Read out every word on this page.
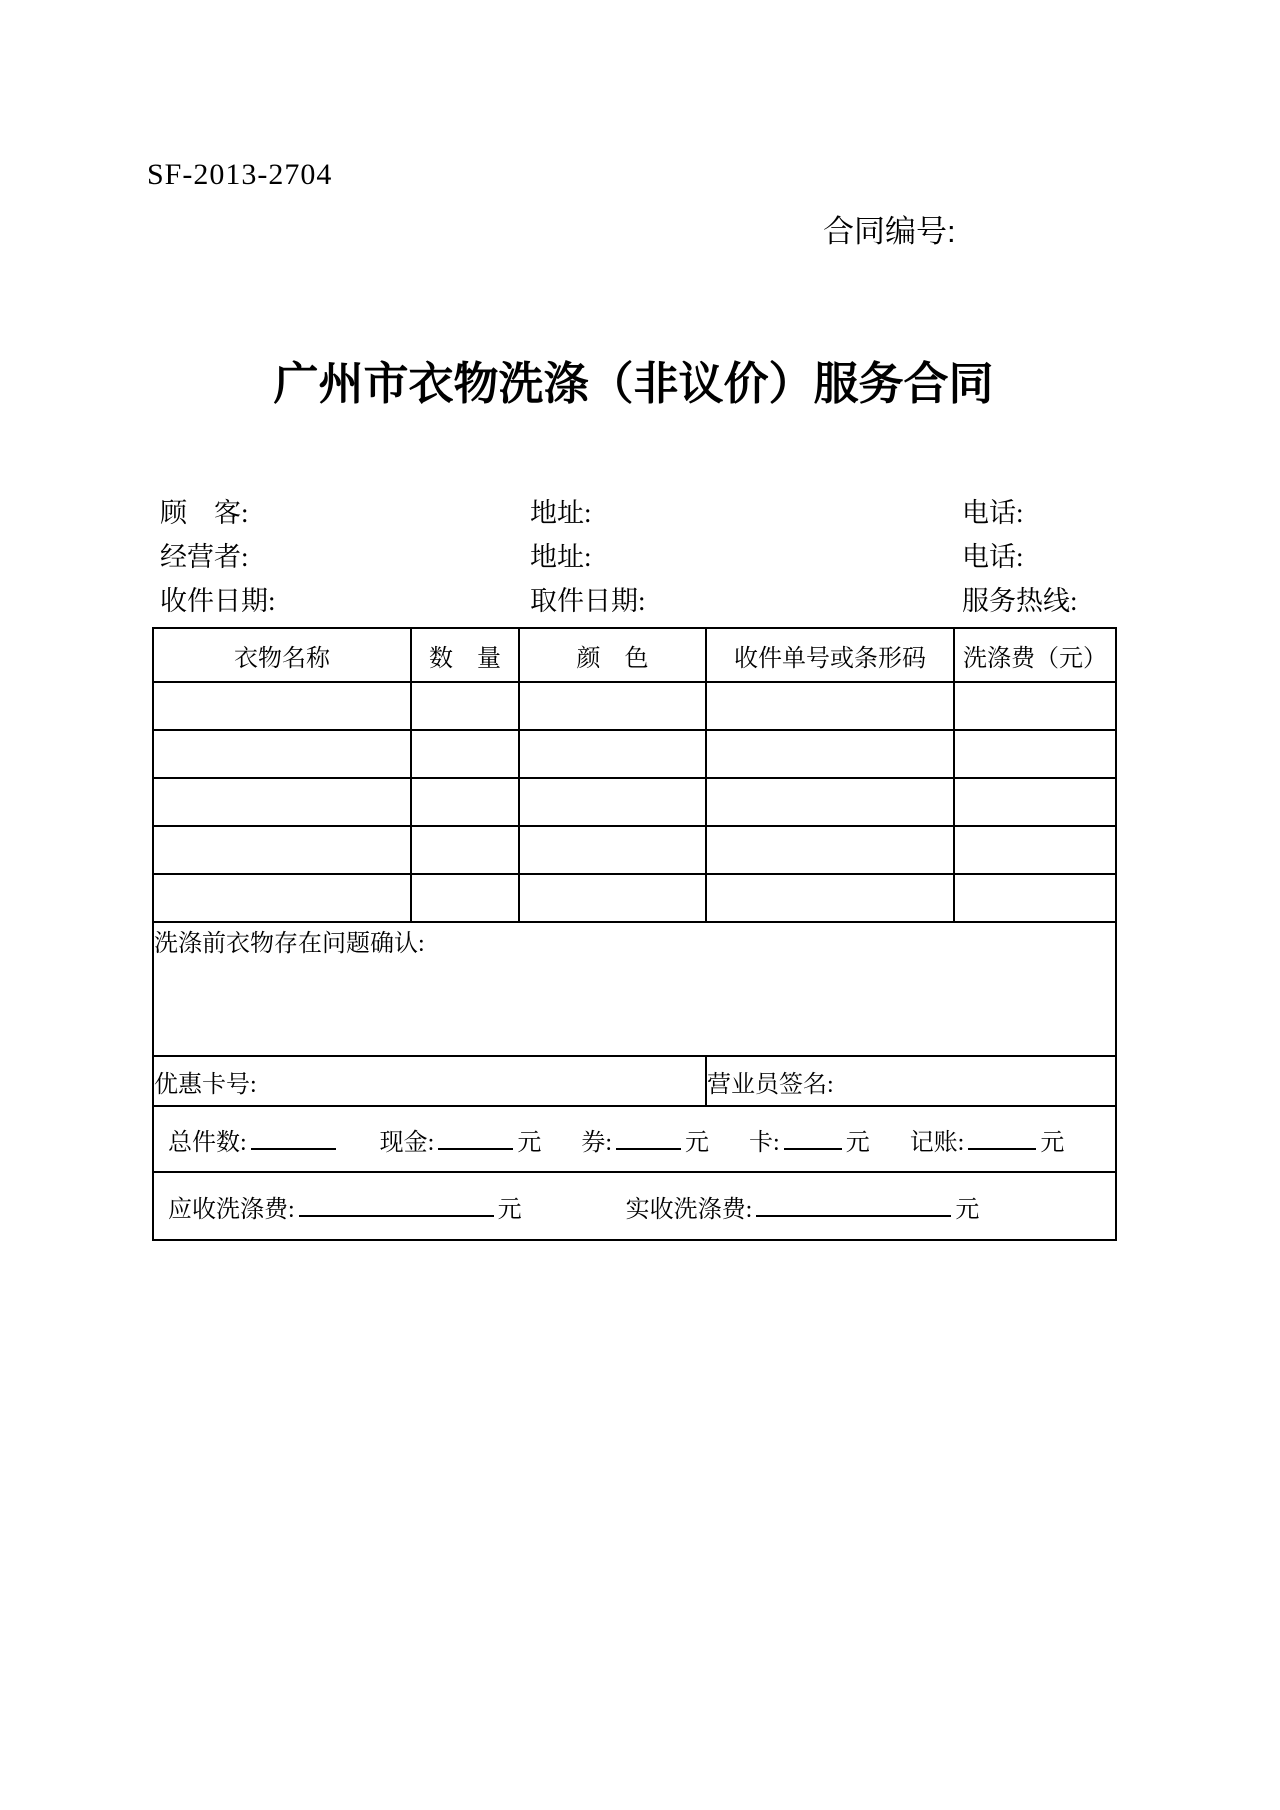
SF-2013-2704
合同编号:
广州市衣物洗涤（非议价）服务合同
顾　客:	地址:	电话:
经营者:	地址:	电话:
收件日期:	取件日期:	服务热线:
衣物名称	数　量	颜　色	收件单号或条形码	洗涤费（元）

洗涤前衣物存在问题确认:				
优惠卡号:			营业员签名:	

总件数:	现金:	元 券:	元 卡:	元 记账:	元

应收洗涤费: 元 实收洗涤费: 元				
